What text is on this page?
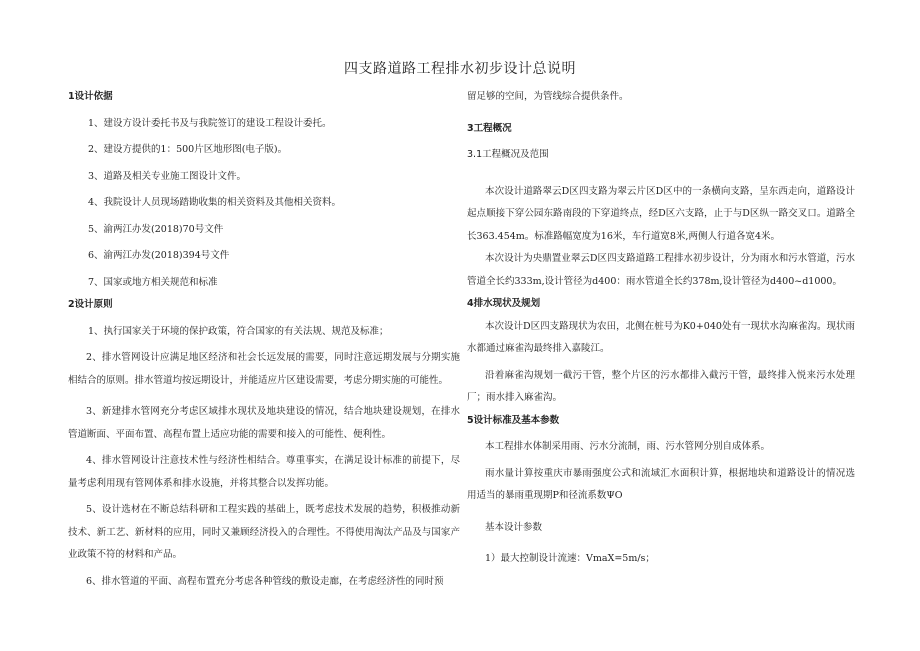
四支路道路工程排水初步设计总说明

1设计依据

1、建设方设计委托书及与我院签订的建设工程设计委托。

2、建设方提供的1：500片区地形图(电子版)。

3、道路及相关专业施工图设计文件。

4、我院设计人员现场踏勘收集的相关资料及其他相关资料。

5、渝两江办发(2018)70号文件

6、渝两江办发(2018)394号文件

7、国家或地方相关规范和标准

2设计原则

1、执行国家关于环境的保护政策，符合国家的有关法规、规范及标准；

2、排水管网设计应满足地区经济和社会长远发展的需要，同时注意远期发展与分期实施相结合的原则。排水管道均按远期设计，并能适应片区建设需要，考虑分期实施的可能性。

3、新建排水管网充分考虑区域排水现状及地块建设的情况，结合地块建设规划，在排水管道断面、平面布置、高程布置上适应功能的需要和接入的可能性、便利性。

4、排水管网设计注意技术性与经济性相结合。尊重事实，在满足设计标准的前提下，尽量考虑利用现有管网体系和排水设施，并将其整合以发挥功能。

5、设计选材在不断总结科研和工程实践的基础上，既考虑技术发展的趋势，积极推动新技术、新工艺、新材料的应用，同时又兼顾经济投入的合理性。不得使用淘汰产品及与国家产业政策不符的材料和产品。

6、排水管道的平面、高程布置充分考虑各种管线的敷设走廊，在考虑经济性的同时预

留足够的空间，为管线综合提供条件。

3工程概况

3.1工程概况及范围

本次设计道路翠云D区四支路为翠云片区D区中的一条横向支路，呈东西走向，道路设计起点顺接下穿公园东路南段的下穿道终点，经D区六支路，止于与D区纵一路交叉口。道路全长363.454m。标准路幅宽度为16米，车行道宽8米,两侧人行道各宽4米。

本次设计为央鼎置业翠云D区四支路道路工程排水初步设计，分为雨水和污水管道，污水管道全长约333m,设计管径为d400：雨水管道全长约378m,设计管径为d400~d1000。

4排水现状及规划

本次设计D区四支路现状为农田，北侧在桩号为K0+040处有一现状水沟麻雀沟。现状雨水都通过麻雀沟最终排入嘉陵江。

沿着麻雀沟规划一截污干管，整个片区的污水都排入截污干管，最终排入悦来污水处理厂；雨水排入麻雀沟。

5设计标准及基本参数

本工程排水体制采用雨、污水分流制，雨、污水管网分别自成体系。

雨水量计算按重庆市暴雨强度公式和流域汇水面积计算，根据地块和道路设计的情况选用适当的暴雨重现期P和径流系数ΨO

基本设计参数

1）最大控制设计流速：VmaX=5m/s；
